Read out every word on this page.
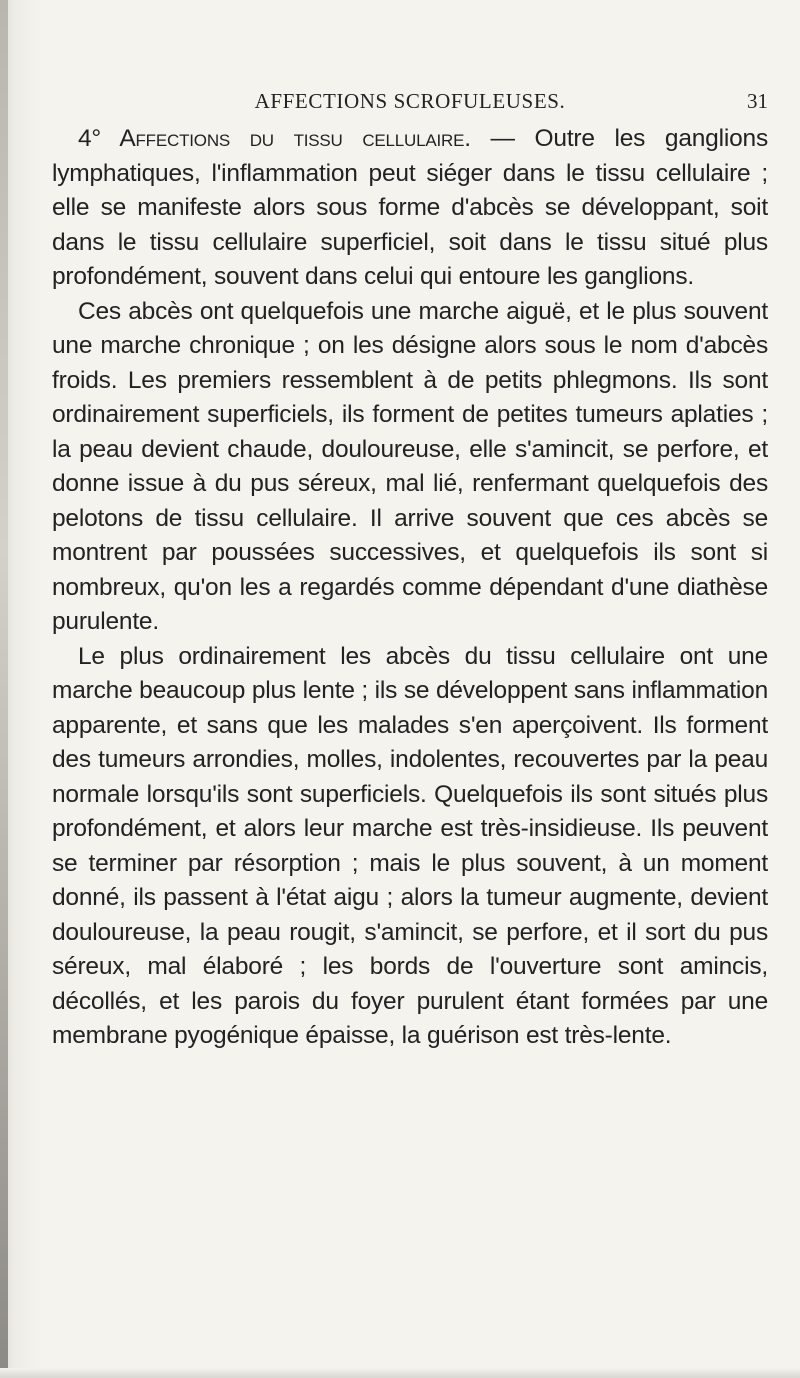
AFFECTIONS SCROFULEUSES.	31

4° Affections du tissu cellulaire. — Outre les ganglions lymphatiques, l'inflammation peut siéger dans le tissu cellulaire ; elle se manifeste alors sous forme d'abcès se développant, soit dans le tissu cellulaire superficiel, soit dans le tissu situé plus profondément, souvent dans celui qui entoure les ganglions.

Ces abcès ont quelquefois une marche aiguë, et le plus souvent une marche chronique ; on les désigne alors sous le nom d'abcès froids. Les premiers ressemblent à de petits phlegmons. Ils sont ordinairement superficiels, ils forment de petites tumeurs aplaties ; la peau devient chaude, douloureuse, elle s'amincit, se perfore, et donne issue à du pus séreux, mal lié, renfermant quelquefois des pelotons de tissu cellulaire. Il arrive souvent que ces abcès se montrent par poussées successives, et quelquefois ils sont si nombreux, qu'on les a regardés comme dépendant d'une diathèse purulente.

Le plus ordinairement les abcès du tissu cellulaire ont une marche beaucoup plus lente ; ils se développent sans inflammation apparente, et sans que les malades s'en aperçoivent. Ils forment des tumeurs arrondies, molles, indolentes, recouvertes par la peau normale lorsqu'ils sont superficiels. Quelquefois ils sont situés plus profondément, et alors leur marche est très-insidieuse. Ils peuvent se terminer par résorption ; mais le plus souvent, à un moment donné, ils passent à l'état aigu ; alors la tumeur augmente, devient douloureuse, la peau rougit, s'amincit, se perfore, et il sort du pus séreux, mal élaboré ; les bords de l'ouverture sont amincis, décollés, et les parois du foyer purulent étant formées par une membrane pyogénique épaisse, la guérison est très-lente.
